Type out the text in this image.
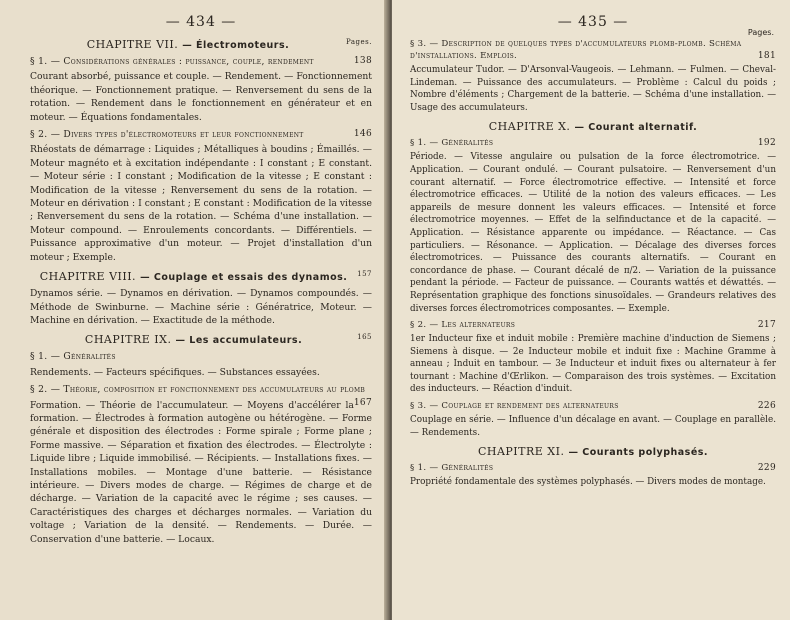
— 434 —
CHAPITRE VII. — Électromoteurs.	Pages.
§ 1. — Considérations générales : puissance, couple, rendement	138

Courant absorbé, puissance et couple. — Rendement. — Fonctionnement théorique. — Fonctionnement pratique. — Renversement du sens de la rotation. — Rendement dans le fonctionnement en générateur et en moteur. — Équations fondamentales.

§ 2. — Divers types d'électromoteurs et leur fonctionnement	146

Rhéostats de démarrage : Liquides ; Métalliques à boudins ; Émaillés. — Moteur magnéto et à excitation indépendante : I constant ; E constant. — Moteur série : I constant ; Modification de la vitesse ; E constant : Modification de la vitesse ; Renversement du sens de la rotation. — Moteur en dérivation : I constant ; E constant : Modification de la vitesse ; Renversement du sens de la rotation. — Schéma d'une installation. — Moteur compound. — Enroulements concordants. — Différentiels. — Puissance approximative d'un moteur. — Projet d'installation d'un moteur ; Exemple.

CHAPITRE VIII. — Couplage et essais des dynamos. 157

Dynamos série. — Dynamos en dérivation. — Dynamos compoundés. — Méthode de Swinburne. — Machine série : Génératrice, Moteur. — Machine en dérivation. — Exactitude de la méthode.

CHAPITRE IX. — Les accumulateurs.	165
§ 1. — Généralités

Rendements. — Facteurs spécifiques. — Substances essayées.

§ 2. — Théorie, composition et fonctionnement des accumulateurs au plomb
167

Formation. — Théorie de l'accumulateur. — Moyens d'accélérer la formation. — Électrodes à formation autogène ou hétérogène. — Forme générale et disposition des électrodes : Forme spirale ; Forme plane ; Forme massive. — Séparation et fixation des électrodes. — Électrolyte : Liquide libre ; Liquide immobilisé. — Récipients. — Installations fixes. — Installations mobiles. — Montage d'une batterie. — Résistance intérieure. — Divers modes de charge. — Régimes de charge et de décharge. — Variation de la capacité avec le régime ; ses causes. — Caractéristiques des charges et décharges normales. — Variation du voltage ; Variation de la densité. — Rendements. — Durée. — Conservation d'une batterie. — Locaux.

— 435 —
Pages.
§ 3. — Description de quelques types d'accumulateurs plomb-plomb. Schéma d'installations. Emplois.	181

Accumulateur Tudor. — D'Arsonval-Vaugeois. — Lehmann. — Fulmen. — Cheval-Lindeman. — Puissance des accumulateurs. — Problème : Calcul du poids ; Nombre d'éléments ; Chargement de la batterie. — Schéma d'une installation. — Usage des accumulateurs.

CHAPITRE X. — Courant alternatif.
§ 1. — Généralités	192

Période. — Vitesse angulaire ou pulsation de la force électromotrice. — Application. — Courant ondulé. — Courant pulsatoire. — Renversement d'un courant alternatif. — Force électromotrice effective. — Intensité et force électromotrice efficaces. — Utilité de la notion des valeurs efficaces. — Les appareils de mesure donnent les valeurs efficaces. — Intensité et force électromotrice moyennes. — Effet de la selfinductance et de la capacité. — Application. — Résistance apparente ou impédance. — Réactance. — Cas particuliers. — Résonance. — Application. — Décalage des diverses forces électromotrices. — Puissance des courants alternatifs. — Courant en concordance de phase. — Courant décalé de π/2. — Variation de la puissance pendant la période. — Facteur de puissance. — Courants wattés et déwattés. — Représentation graphique des fonctions sinusoïdales. — Grandeurs relatives des diverses forces électromotrices composantes. — Exemple.

§ 2. — Les alternateurs	217

1er Inducteur fixe et induit mobile : Première machine d'induction de Siemens ; Siemens à disque. — 2e Inducteur mobile et induit fixe : Machine Gramme à anneau ; Induit en tambour. — 3e Inducteur et induit fixes ou alternateur à fer tournant : Machine d'Œrlikon. — Comparaison des trois systèmes. — Excitation des inducteurs. — Réaction d'induit.

§ 3. — Couplage et rendement des alternateurs	226

Couplage en série. — Influence d'un décalage en avant. — Couplage en parallèle. — Rendements.

CHAPITRE XI. — Courants polyphasés.
§ 1. — Généralités	229

Propriété fondamentale des systèmes polyphasés. — Divers modes de montage.
